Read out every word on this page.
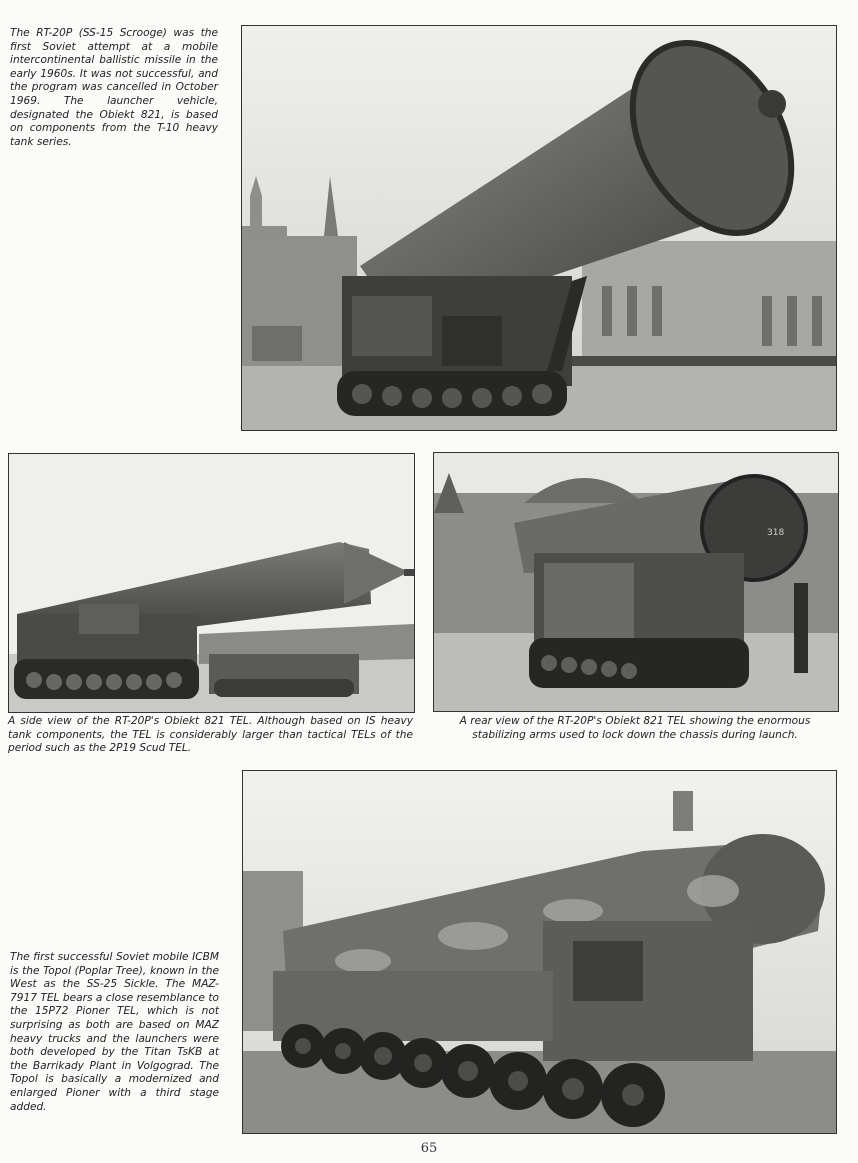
The RT-20P (SS-15 Scrooge) was the first Soviet attempt at a mobile intercontinental ballistic missile in the early 1960s. It was not successful, and the program was cancelled in October 1969. The launcher vehicle, designated the Obiekt 821, is based on components from the T-10 heavy tank series.
318
A side view of the RT-20P's Obiekt 821 TEL. Although based on IS heavy tank components, the TEL is considerably larger than tactical TELs of the period such as the 2P19 Scud TEL.
A rear view of the RT-20P's Obiekt 821 TEL showing the enormous stabilizing arms used to lock down the chassis during launch.
The first successful Soviet mobile ICBM is the Topol (Poplar Tree), known in the West as the SS-25 Sickle. The MAZ-7917 TEL bears a close resemblance to the 15P72 Pioner TEL, which is not surprising as both are based on MAZ heavy trucks and the launchers were both developed by the Titan TsKB at the Barrikady Plant in Volgograd. The Topol is basically a modernized and enlarged Pioner with a third stage added.
65
